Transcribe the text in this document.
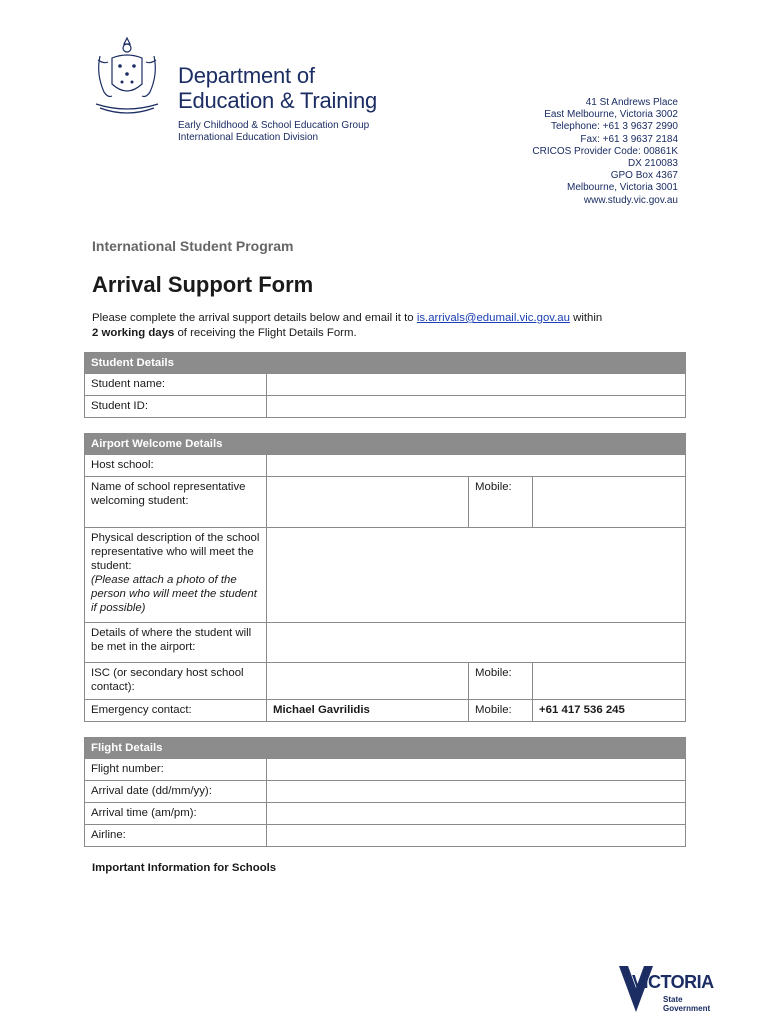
Department of
Education & Training
Early Childhood & School Education Group
International Education Division
41 St Andrews Place
East Melbourne, Victoria 3002
Telephone: +61 3 9637 2990
Fax: +61 3 9637 2184
CRICOS Provider Code: 00861K
DX 210083
GPO Box 4367
Melbourne, Victoria 3001
www.study.vic.gov.au
International Student Program
Arrival Support Form
Please complete the arrival support details below and email it to is.arrivals@edumail.vic.gov.au within
2 working days of receiving the Flight Details Form.
Student Details	
Student name:	
Student ID:	
Airport Welcome Details			
Host school:			
Name of school representative welcoming student:		Mobile:	

Physical description of the school representative who will meet the student:
(Please attach a photo of the person who will meet the student if possible)			

Details of where the student will be met in the airport:			
ISC (or secondary host school contact):		Mobile:	
Emergency contact:	Michael Gavrilidis	Mobile:	+61 417 536 245
Flight Details	
Flight number:	
Arrival date (dd/mm/yy):	
Arrival time (am/pm):	
Airline:	
Important Information for Schools
VICTORIA
State
Government
